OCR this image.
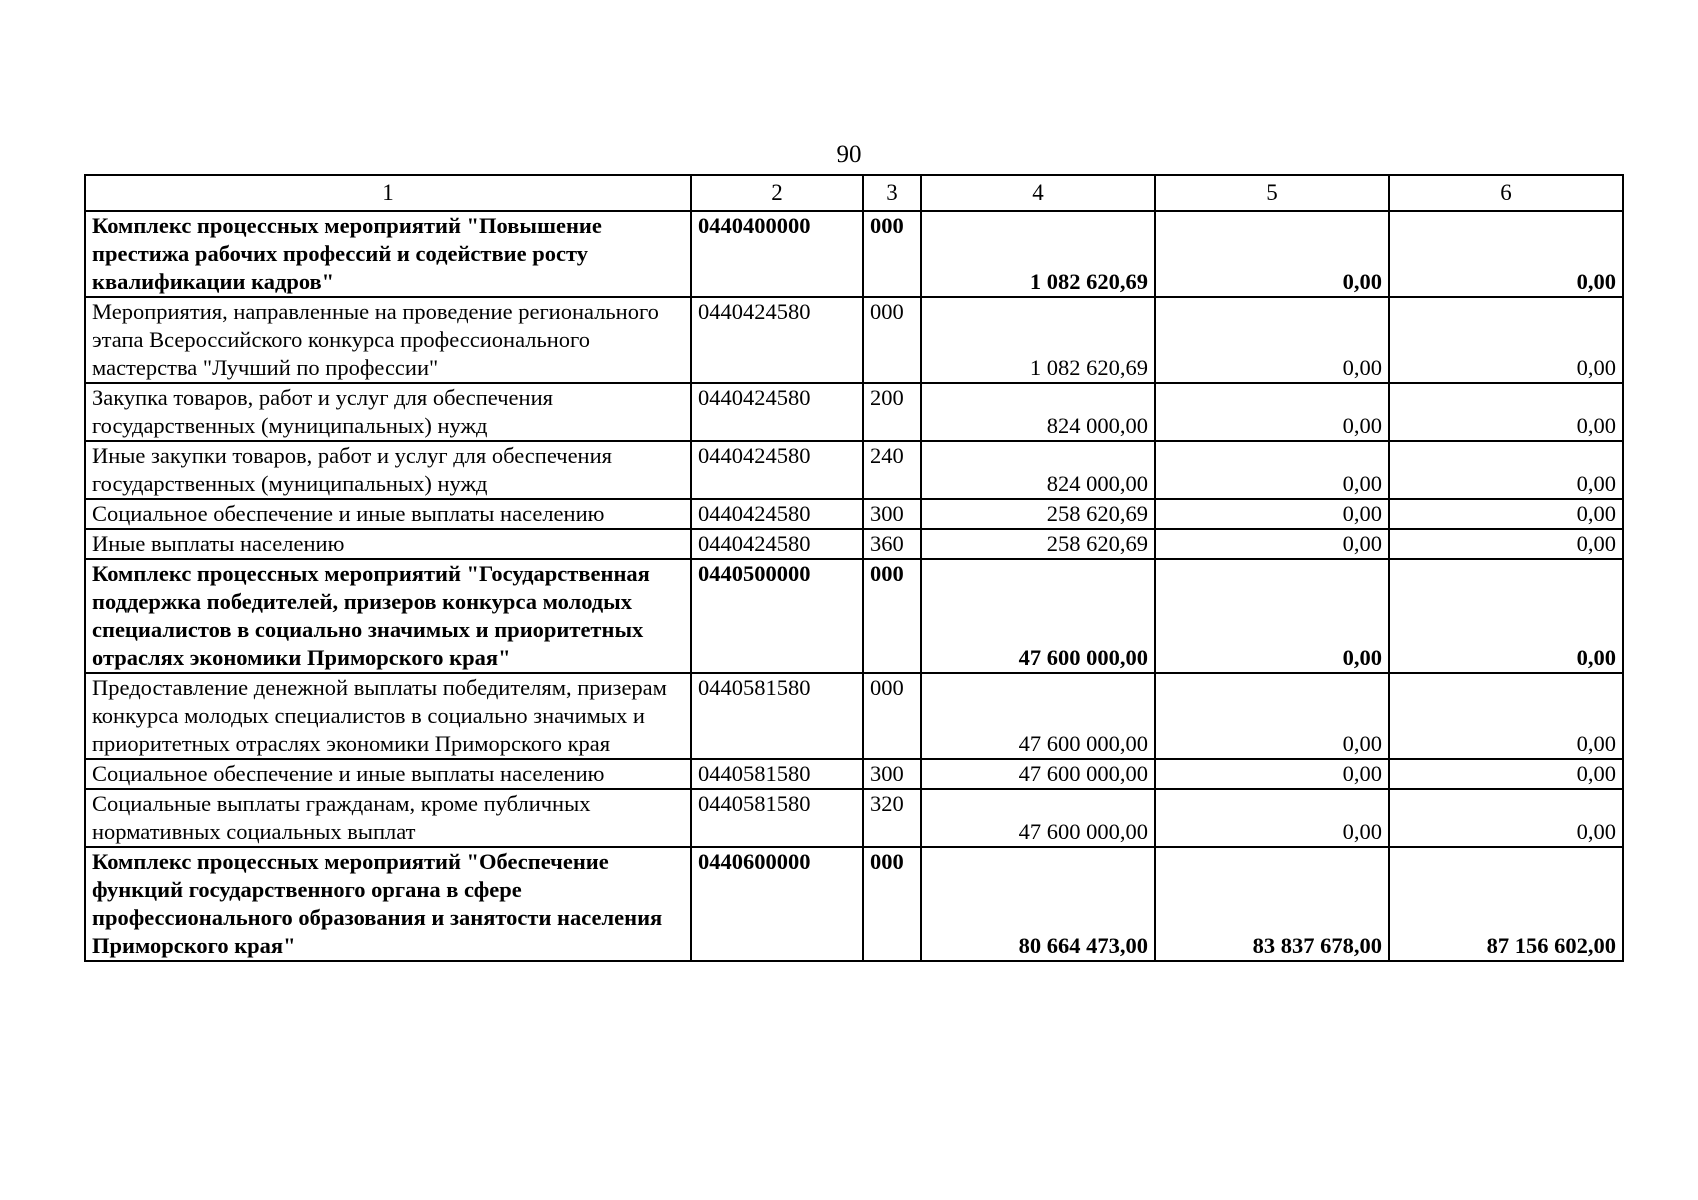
90
1	2	3	4	5	6
Комплекс процессных мероприятий "Повышение престижа рабочих профессий и содействие росту квалификации кадров"	0440400000	000	1 082 620,69	0,00	0,00
Мероприятия, направленные на проведение регионального этапа Всероссийского конкурса профессионального мастерства "Лучший по профессии"	0440424580	000	1 082 620,69	0,00	0,00
Закупка товаров, работ и услуг для обеспечения государственных (муниципальных) нужд	0440424580	200	824 000,00	0,00	0,00
Иные закупки товаров, работ и услуг для обеспечения государственных (муниципальных) нужд	0440424580	240	824 000,00	0,00	0,00
Социальное обеспечение и иные выплаты населению	0440424580	300	258 620,69	0,00	0,00
Иные выплаты населению	0440424580	360	258 620,69	0,00	0,00
Комплекс процессных мероприятий "Государственная поддержка победителей, призеров конкурса молодых специалистов в социально значимых и приоритетных отраслях экономики Приморского края"	0440500000	000	47 600 000,00	0,00	0,00
Предоставление денежной выплаты победителям, призерам конкурса молодых специалистов в социально значимых и приоритетных отраслях экономики Приморского края	0440581580	000	47 600 000,00	0,00	0,00
Социальное обеспечение и иные выплаты населению	0440581580	300	47 600 000,00	0,00	0,00
Социальные выплаты гражданам, кроме публичных нормативных социальных выплат	0440581580	320	47 600 000,00	0,00	0,00
Комплекс процессных мероприятий "Обеспечение функций государственного органа в сфере профессионального образования и занятости населения Приморского края"	0440600000	000	80 664 473,00	83 837 678,00	87 156 602,00
